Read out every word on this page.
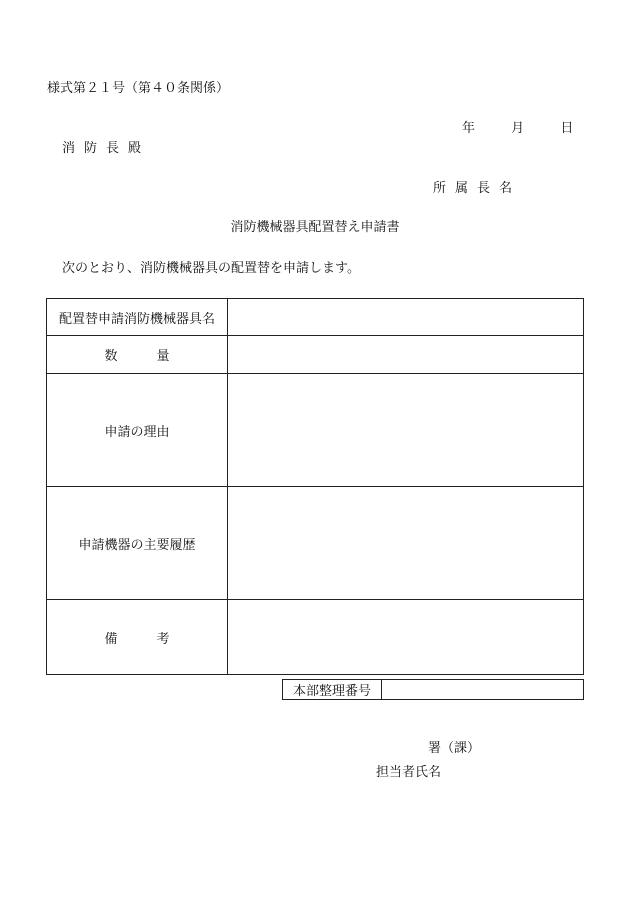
様式第２１号（第４０条関係）
年	月	日
消防長殿
所属長名
消防機械器具配置替え申請書
次のとおり、消防機械器具の配置替を申請します。
配置替申請消防機械器具名	
数　　　量	
申請の理由	
申請機器の主要履歴	
備　　　考	
本部整理番号	
署（課）
担当者氏名
